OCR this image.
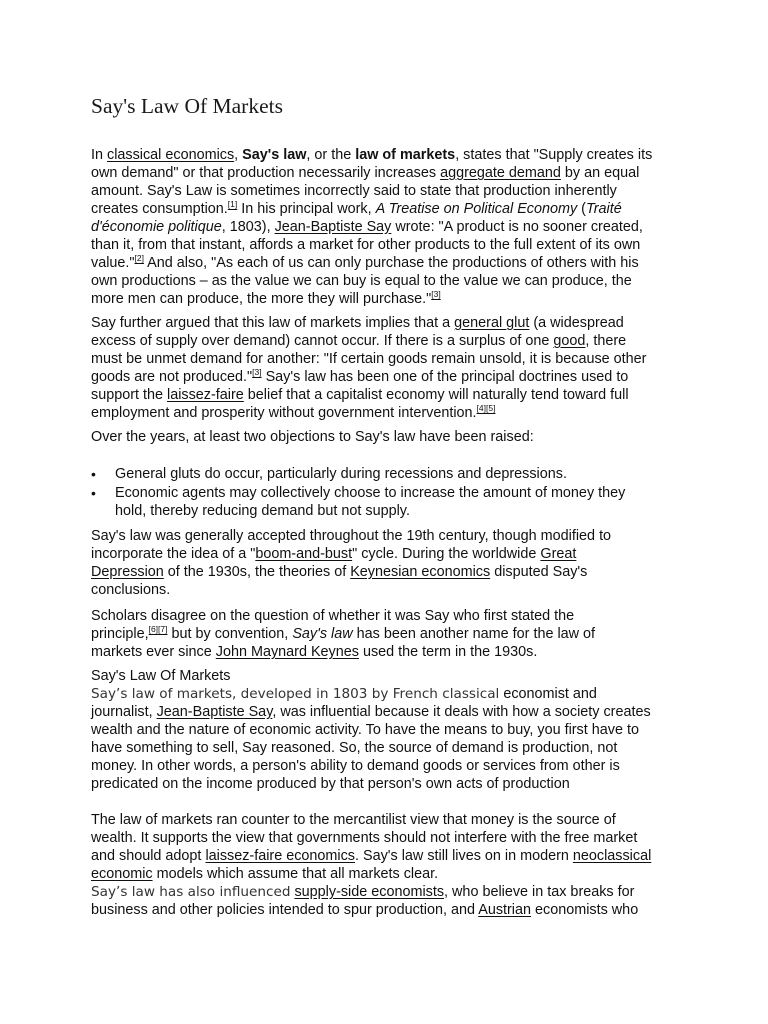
Say's Law Of Markets
In classical economics, Say's law, or the law of markets, states that "Supply creates its
own demand" or that production necessarily increases aggregate demand by an equal
amount. Say's Law is sometimes incorrectly said to state that production inherently
creates consumption.[1] In his principal work, A Treatise on Political Economy (Traité
d'économie politique, 1803), Jean-Baptiste Say wrote: "A product is no sooner created,
than it, from that instant, affords a market for other products to the full extent of its own
value."[2] And also, "As each of us can only purchase the productions of others with his
own productions – as the value we can buy is equal to the value we can produce, the
more men can produce, the more they will purchase."[3]
Say further argued that this law of markets implies that a general glut (a widespread
excess of supply over demand) cannot occur. If there is a surplus of one good, there
must be unmet demand for another: "If certain goods remain unsold, it is because other
goods are not produced."[3] Say's law has been one of the principal doctrines used to
support the laissez-faire belief that a capitalist economy will naturally tend toward full
employment and prosperity without government intervention.[4][5]
Over the years, at least two objections to Say's law have been raised:
• General gluts do occur, particularly during recessions and depressions.
• Economic agents may collectively choose to increase the amount of money they
hold, thereby reducing demand but not supply.
Say's law was generally accepted throughout the 19th century, though modified to
incorporate the idea of a "boom-and-bust" cycle. During the worldwide Great
Depression of the 1930s, the theories of Keynesian economics disputed Say's
conclusions.
Scholars disagree on the question of whether it was Say who first stated the
principle,[6][7] but by convention, Say's law has been another name for the law of
markets ever since John Maynard Keynes used the term in the 1930s.
Say's Law Of Markets
Say’s law of markets, developed in 1803 by French classical economist and
journalist, Jean-Baptiste Say, was influential because it deals with how a society creates
wealth and the nature of economic activity. To have the means to buy, you first have to
have something to sell, Say reasoned. So, the source of demand is production, not
money. In other words, a person's ability to demand goods or services from other is
predicated on the income produced by that person's own acts of production
The law of markets ran counter to the mercantilist view that money is the source of
wealth. It supports the view that governments should not interfere with the free market
and should adopt laissez-faire economics. Say's law still lives on in modern neoclassical
economic models which assume that all markets clear.
Say’s law has also influenced supply-side economists, who believe in tax breaks for
business and other policies intended to spur production, and Austrian economists who
